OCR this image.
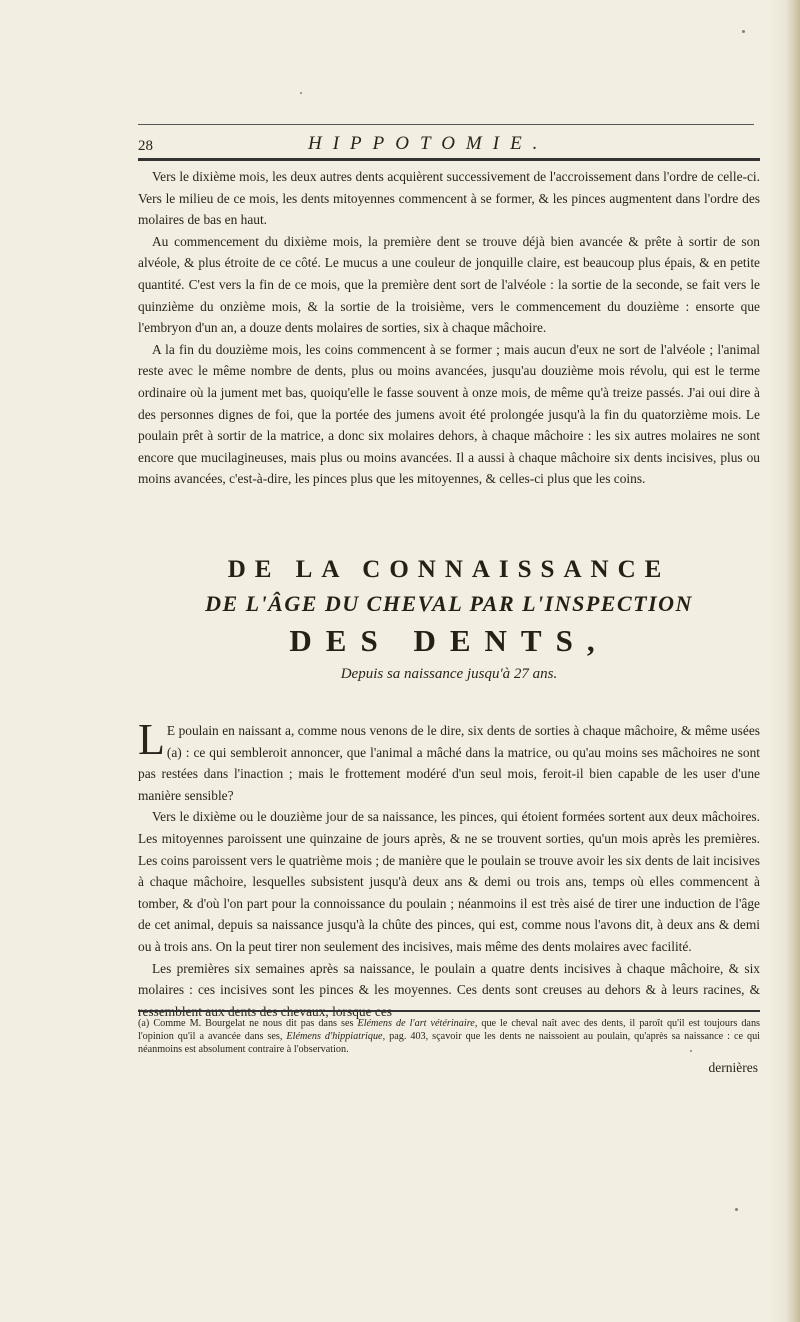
28	HIPPOTOMIE.

Vers le dixième mois, les deux autres dents acquièrent successivement de l'accroissement dans l'ordre de celle-ci. Vers le milieu de ce mois, les dents mitoyennes commencent à se former, & les pinces augmentent dans l'ordre des molaires de bas en haut.

Au commencement du dixième mois, la première dent se trouve déjà bien avancée & prête à sortir de son alvéole, & plus étroite de ce côté. Le mucus a une couleur de jonquille claire, est beaucoup plus épais, & en petite quantité. C'est vers la fin de ce mois, que la première dent sort de l'alvéole : la sortie de la seconde, se fait vers le quinzième du onzième mois, & la sortie de la troisième, vers le commencement du douzième : ensorte que l'embryon d'un an, a douze dents molaires de sorties, six à chaque mâchoire.

A la fin du douzième mois, les coins commencent à se former ; mais aucun d'eux ne sort de l'alvéole ; l'animal reste avec le même nombre de dents, plus ou moins avancées, jusqu'au douzième mois révolu, qui est le terme ordinaire où la jument met bas, quoiqu'elle le fasse souvent à onze mois, de même qu'à treize passés. J'ai oui dire à des personnes dignes de foi, que la portée des jumens avoit été prolongée jusqu'à la fin du quatorzième mois. Le poulain prêt à sortir de la matrice, a donc six molaires dehors, à chaque mâchoire : les six autres molaires ne sont encore que mucilagineuses, mais plus ou moins avancées. Il a aussi à chaque mâchoire six dents incisives, plus ou moins avancées, c'est-à-dire, les pinces plus que les mitoyennes, & celles-ci plus que les coins.

DE LA CONNAISSANCE
DE L'ÂGE DU CHEVAL PAR L'INSPECTION
DES DENTS,
Depuis sa naissance jusqu'à 27 ans.

L E poulain en naissant a, comme nous venons de le dire, six dents de sorties à chaque mâchoire, & même usées (a) : ce qui sembleroit annoncer, que l'animal a mâché dans la matrice, ou qu'au moins ses mâchoires ne sont pas restées dans l'inaction ; mais le frottement modéré d'un seul mois, feroit-il bien capable de les user d'une manière sensible?

Vers le dixième ou le douzième jour de sa naissance, les pinces, qui étoient formées sortent aux deux mâchoires. Les mitoyennes paroissent une quinzaine de jours après, & ne se trouvent sorties, qu'un mois après les premières. Les coins paroissent vers le quatrième mois ; de manière que le poulain se trouve avoir les six dents de lait incisives à chaque mâchoire, lesquelles subsistent jusqu'à deux ans & demi ou trois ans, temps où elles commencent à tomber, & d'où l'on part pour la connoissance du poulain ; néanmoins il est très aisé de tirer une induction de l'âge de cet animal, depuis sa naissance jusqu'à la chûte des pinces, qui est, comme nous l'avons dit, à deux ans & demi ou à trois ans. On la peut tirer non seulement des incisives, mais même des dents molaires avec facilité.

Les premières six semaines après sa naissance, le poulain a quatre dents incisives à chaque mâchoire, & six molaires : ces incisives sont les pinces & les moyennes. Ces dents sont creuses au dehors & à leurs racines, &

(a) Comme M. Bourgelat ne nous dit pas dans ses Elémens de l'art vétérinaire, que le cheval naît avec des dents, il paroît qu'il est toujours dans l'opinion qu'il a avancée dans ses, Elémens d'hippiatrique, pag. 403, sçavoir que les dents ne naissoient au poulain, qu'après sa naissance : ce qui néanmoins est absolument contraire à l'observation.
dernières
